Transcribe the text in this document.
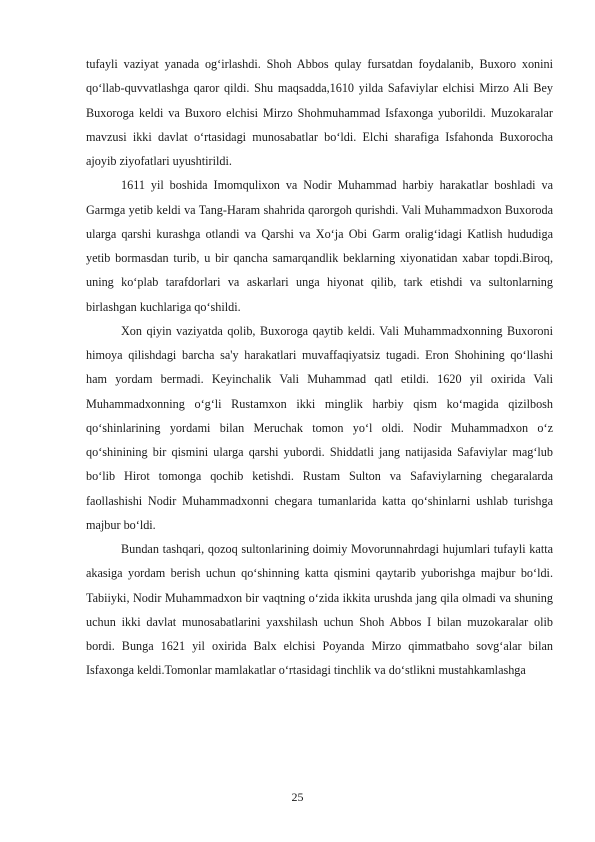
tufayli vaziyat yanada og‘irlashdi. Shoh Abbos qulay fursatdan foydalanib, Buxoro xonini qo‘llab-quvvatlashga qaror qildi. Shu maqsadda,1610 yilda Safaviylar elchisi Mirzo Ali Bey Buxoroga keldi va Buxoro elchisi Mirzo Shohmuhammad Isfaxonga yuborildi. Muzokaralar mavzusi ikki davlat o‘rtasidagi munosabatlar bo‘ldi. Elchi sharafiga Isfahonda Buxorocha ajoyib ziyofatlari uyushtirildi.

1611 yil boshida Imomqulixon va Nodir Muhammad harbiy harakatlar boshladi va Garmga yetib keldi va Tang-Haram shahrida qarorgoh qurishdi. Vali Muhammadxon Buxoroda ularga qarshi kurashga otlandi va Qarshi va Xo‘ja Obi Garm oralig‘idagi Katlish hududiga yetib bormasdan turib, u bir qancha samarqandlik beklarning xiyonatidan xabar topdi.Biroq, uning ko‘plab tarafdorlari va askarlari unga hiyonat qilib, tark etishdi va sultonlarning birlashgan kuchlariga qo‘shildi.

Xon qiyin vaziyatda qolib, Buxoroga qaytib keldi. Vali Muhammadxonning Buxoroni himoya qilishdagi barcha sa'y harakatlari muvaffaqiyatsiz tugadi. Eron Shohining qo‘llashi ham yordam bermadi. Keyinchalik Vali Muhammad qatl etildi. 1620 yil oxirida Vali Muhammadxonning o‘g‘li Rustamxon ikki minglik harbiy qism ko‘magida qizilbosh qo‘shinlarining yordami bilan Meruchak tomon yo‘l oldi. Nodir Muhammadxon o‘z qo‘shinining bir qismini ularga qarshi yubordi. Shiddatli jang natijasida Safaviylar mag‘lub bo‘lib Hirot tomonga qochib ketishdi. Rustam Sulton va Safaviylarning chegaralarda faollashishi Nodir Muhammadxonni chegara tumanlarida katta qo‘shinlarni ushlab turishga majbur bo‘ldi.

Bundan tashqari, qozoq sultonlarining doimiy Movorunnahrdagi hujumlari tufayli katta akasiga yordam berish uchun qo‘shinning katta qismini qaytarib yuborishga majbur bo‘ldi. Tabiiyki, Nodir Muhammadxon bir vaqtning o‘zida ikkita urushda jang qila olmadi va shuning uchun ikki davlat munosabatlarini yaxshilash uchun Shoh Abbos I bilan muzokaralar olib bordi. Bunga 1621 yil oxirida Balx elchisi Poyanda Mirzo qimmatbaho sovg‘alar bilan Isfaxonga keldi.Tomonlar mamlakatlar o‘rtasidagi tinchlik va do‘stlikni mustahkamlashga

25
